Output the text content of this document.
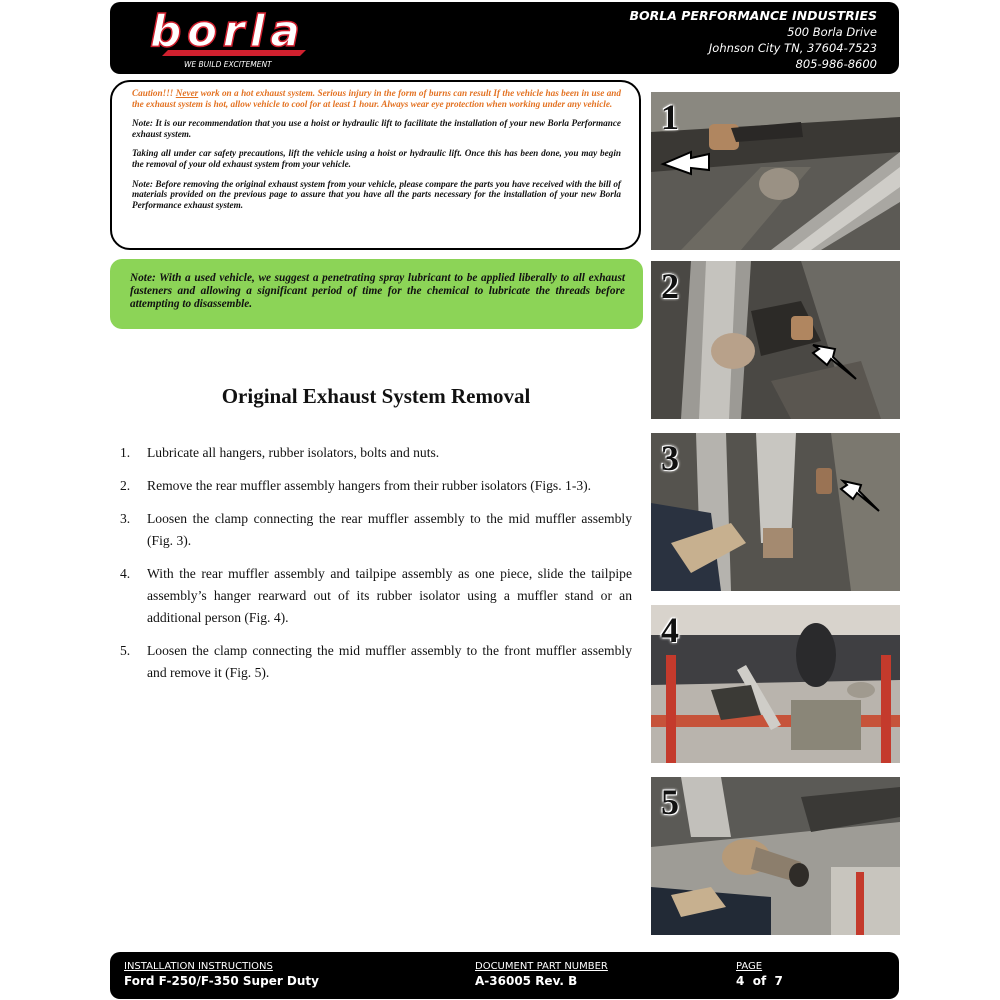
borla
WE BUILD EXCITEMENT
BORLA PERFORMANCE INDUSTRIES
500 Borla Drive
Johnson City TN, 37604-7523
805-986-8600

Caution!!! Never work on a hot exhaust system. Serious injury in the form of burns can result If the vehicle has been in use and the exhaust system is hot, allow vehicle to cool for at least 1 hour. Always wear eye protection when working under any vehicle.

Note: It is our recommendation that you use a hoist or hydraulic lift to facilitate the installation of your new Borla Performance exhaust system.

Taking all under car safety precautions, lift the vehicle using a hoist or hydraulic lift. Once this has been done, you may begin the removal of your old exhaust system from your vehicle.

Note: Before removing the original exhaust system from your vehicle, please compare the parts you have received with the bill of materials provided on the previous page to assure that you have all the parts necessary for the installation of your new Borla Performance exhaust system.

Note: With a used vehicle, we suggest a penetrating spray lubricant to be applied liberally to all exhaust fasteners and allowing a significant period of time for the chemical to lubricate the threads before attempting to disassemble.

Original Exhaust System Removal
1. Lubricate all hangers, rubber isolators, bolts and nuts.
2. Remove the rear muffler assembly hangers from their rubber isolators (Figs. 1-3).
3. Loosen the clamp connecting the rear muffler assembly to the mid muffler assembly (Fig. 3).
4. With the rear muffler assembly and tailpipe assembly as one piece, slide the tailpipe assembly’s hanger rearward out of its rubber isolator using a muffler stand or an additional person (Fig. 4).
5. Loosen the clamp connecting the mid muffler assembly to the front muffler assembly and remove it (Fig. 5).
1
2
3
4
5
INSTALLATION INSTRUCTIONS
Ford F-250/F-350 Super Duty
DOCUMENT PART NUMBER
A-36005 Rev. B
PAGE
4  of  7
